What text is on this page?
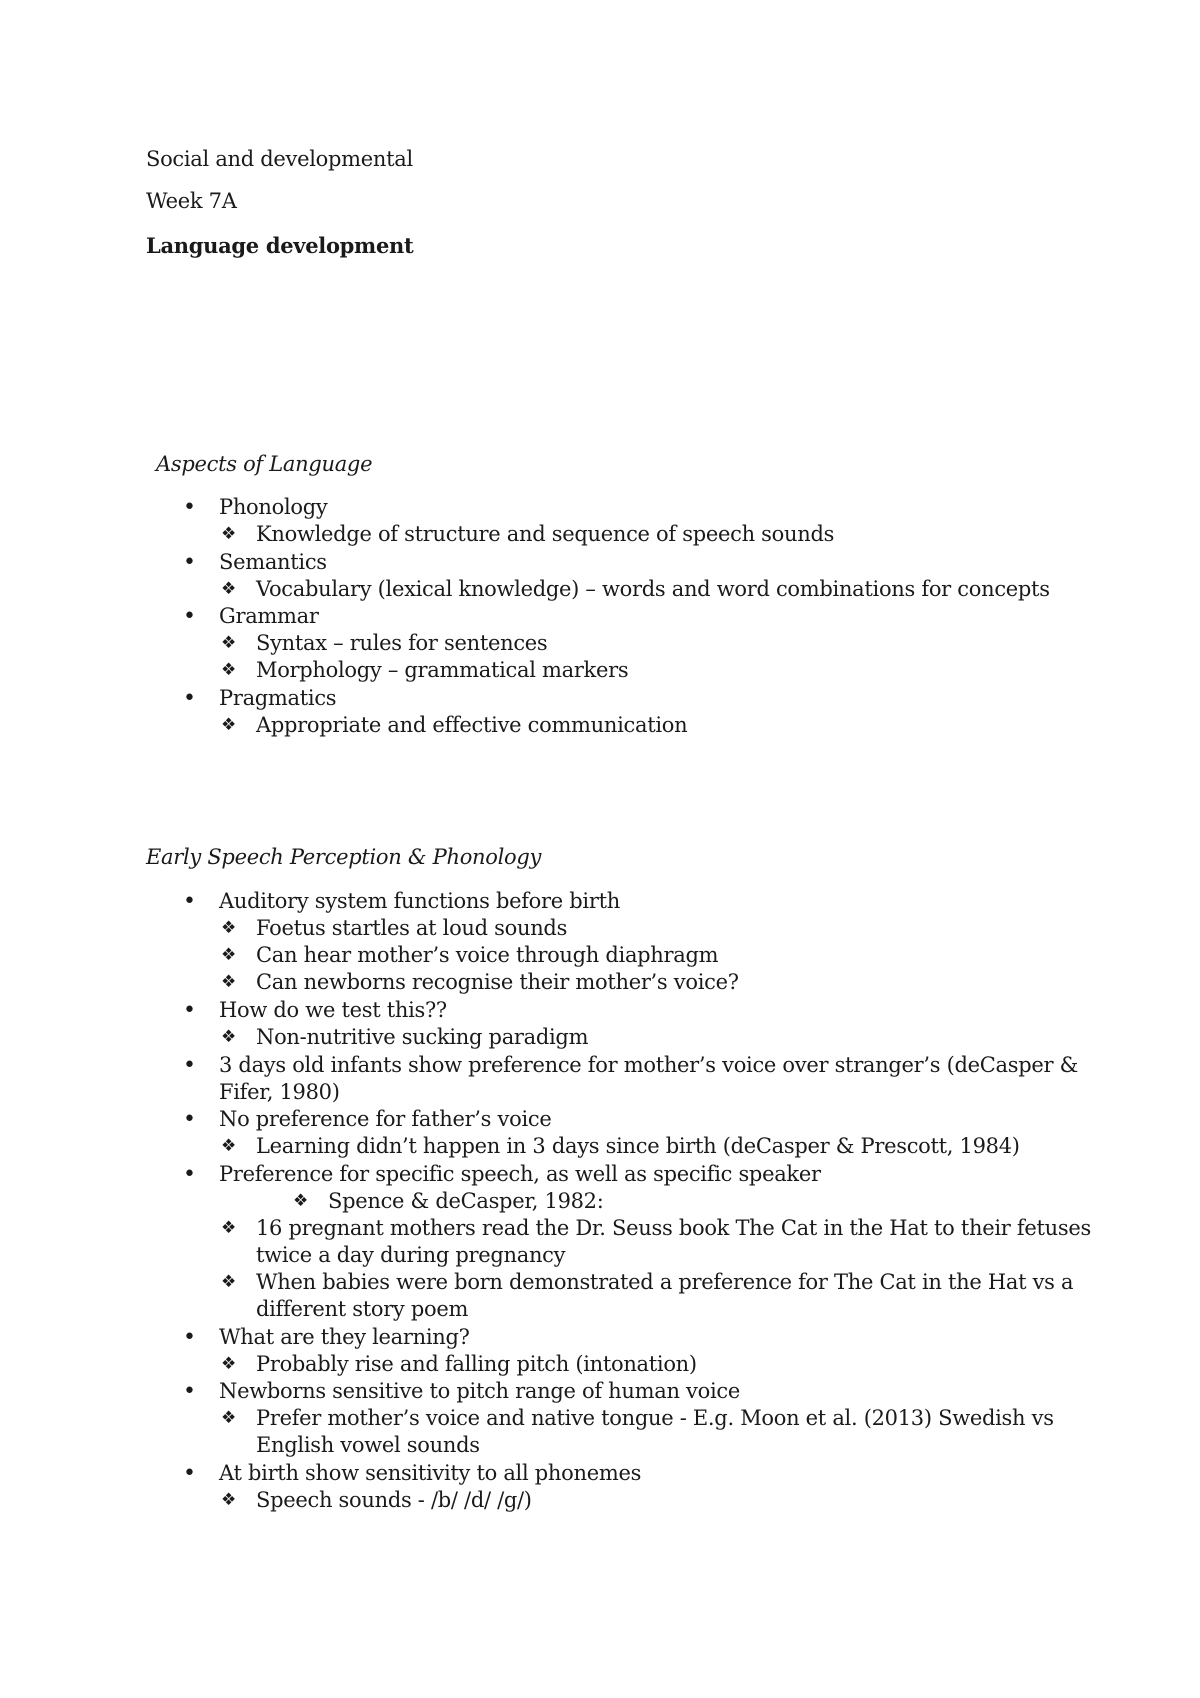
Social and developmental
Week 7A
Language development
Aspects of Language
• Phonology
❖ Knowledge of structure and sequence of speech sounds
• Semantics
❖ Vocabulary (lexical knowledge) – words and word combinations for concepts
• Grammar
❖ Syntax – rules for sentences
❖ Morphology – grammatical markers
• Pragmatics
❖ Appropriate and effective communication
Early Speech Perception & Phonology
• Auditory system functions before birth
❖ Foetus startles at loud sounds
❖ Can hear mother’s voice through diaphragm
❖ Can newborns recognise their mother’s voice?
• How do we test this??
❖ Non-nutritive sucking paradigm
• 3 days old infants show preference for mother’s voice over stranger’s (deCasper &
Fifer, 1980)
• No preference for father’s voice
❖ Learning didn’t happen in 3 days since birth (deCasper & Prescott, 1984)
• Preference for specific speech, as well as specific speaker
❖ Spence & deCasper, 1982:
❖ 16 pregnant mothers read the Dr. Seuss book The Cat in the Hat to their fetuses
twice a day during pregnancy
❖ When babies were born demonstrated a preference for The Cat in the Hat vs a
different story poem
• What are they learning?
❖ Probably rise and falling pitch (intonation)
• Newborns sensitive to pitch range of human voice
❖ Prefer mother’s voice and native tongue - E.g. Moon et al. (2013) Swedish vs
English vowel sounds
• At birth show sensitivity to all phonemes
❖ Speech sounds - /b/ /d/ /g/)
